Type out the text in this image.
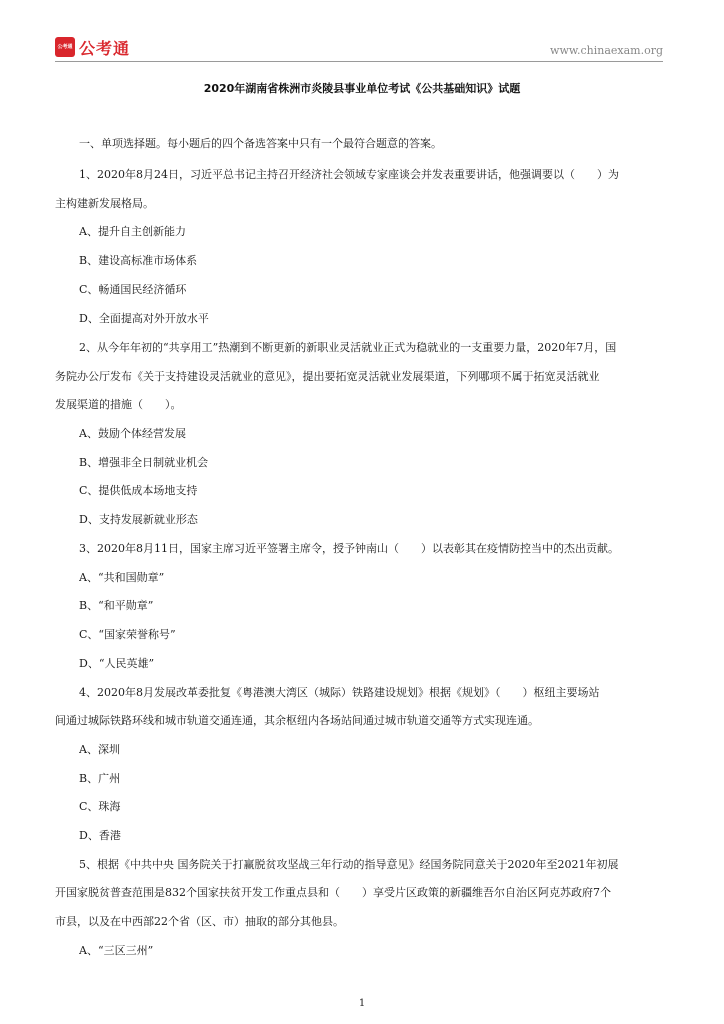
公考通 公考通	www.chinaexam.org
2020年湖南省株洲市炎陵县事业单位考试《公共基础知识》试题
一、单项选择题。每小题后的四个备选答案中只有一个最符合题意的答案。
1、2020年8月24日，习近平总书记主持召开经济社会领域专家座谈会并发表重要讲话，他强调要以（　　）为
主构建新发展格局。
A、提升自主创新能力
B、建设高标准市场体系
C、畅通国民经济循环
D、全面提高对外开放水平
2、从今年年初的“共享用工”热潮到不断更新的新职业灵活就业正式为稳就业的一支重要力量，2020年7月，国
务院办公厅发布《关于支持建设灵活就业的意见》，提出要拓宽灵活就业发展渠道，下列哪项不属于拓宽灵活就业
发展渠道的措施（　　）。
A、鼓励个体经营发展
B、增强非全日制就业机会
C、提供低成本场地支持
D、支持发展新就业形态
3、2020年8月11日，国家主席习近平签署主席令，授予钟南山（　　）以表彰其在疫情防控当中的杰出贡献。
A、“共和国勋章”
B、“和平勋章”
C、“国家荣誉称号”
D、“人民英雄”
4、2020年8月发展改革委批复《粤港澳大湾区（城际）铁路建设规划》根据《规划》（　　）枢纽主要场站
间通过城际铁路环线和城市轨道交通连通，其余枢纽内各场站间通过城市轨道交通等方式实现连通。
A、深圳
B、广州
C、珠海
D、香港
5、根据《中共中央 国务院关于打赢脱贫攻坚战三年行动的指导意见》经国务院同意关于2020年至2021年初展
开国家脱贫普查范围是832个国家扶贫开发工作重点县和（　　）享受片区政策的新疆维吾尔自治区阿克苏政府7个
市县，以及在中西部22个省（区、市）抽取的部分其他县。
A、“三区三州”
1
